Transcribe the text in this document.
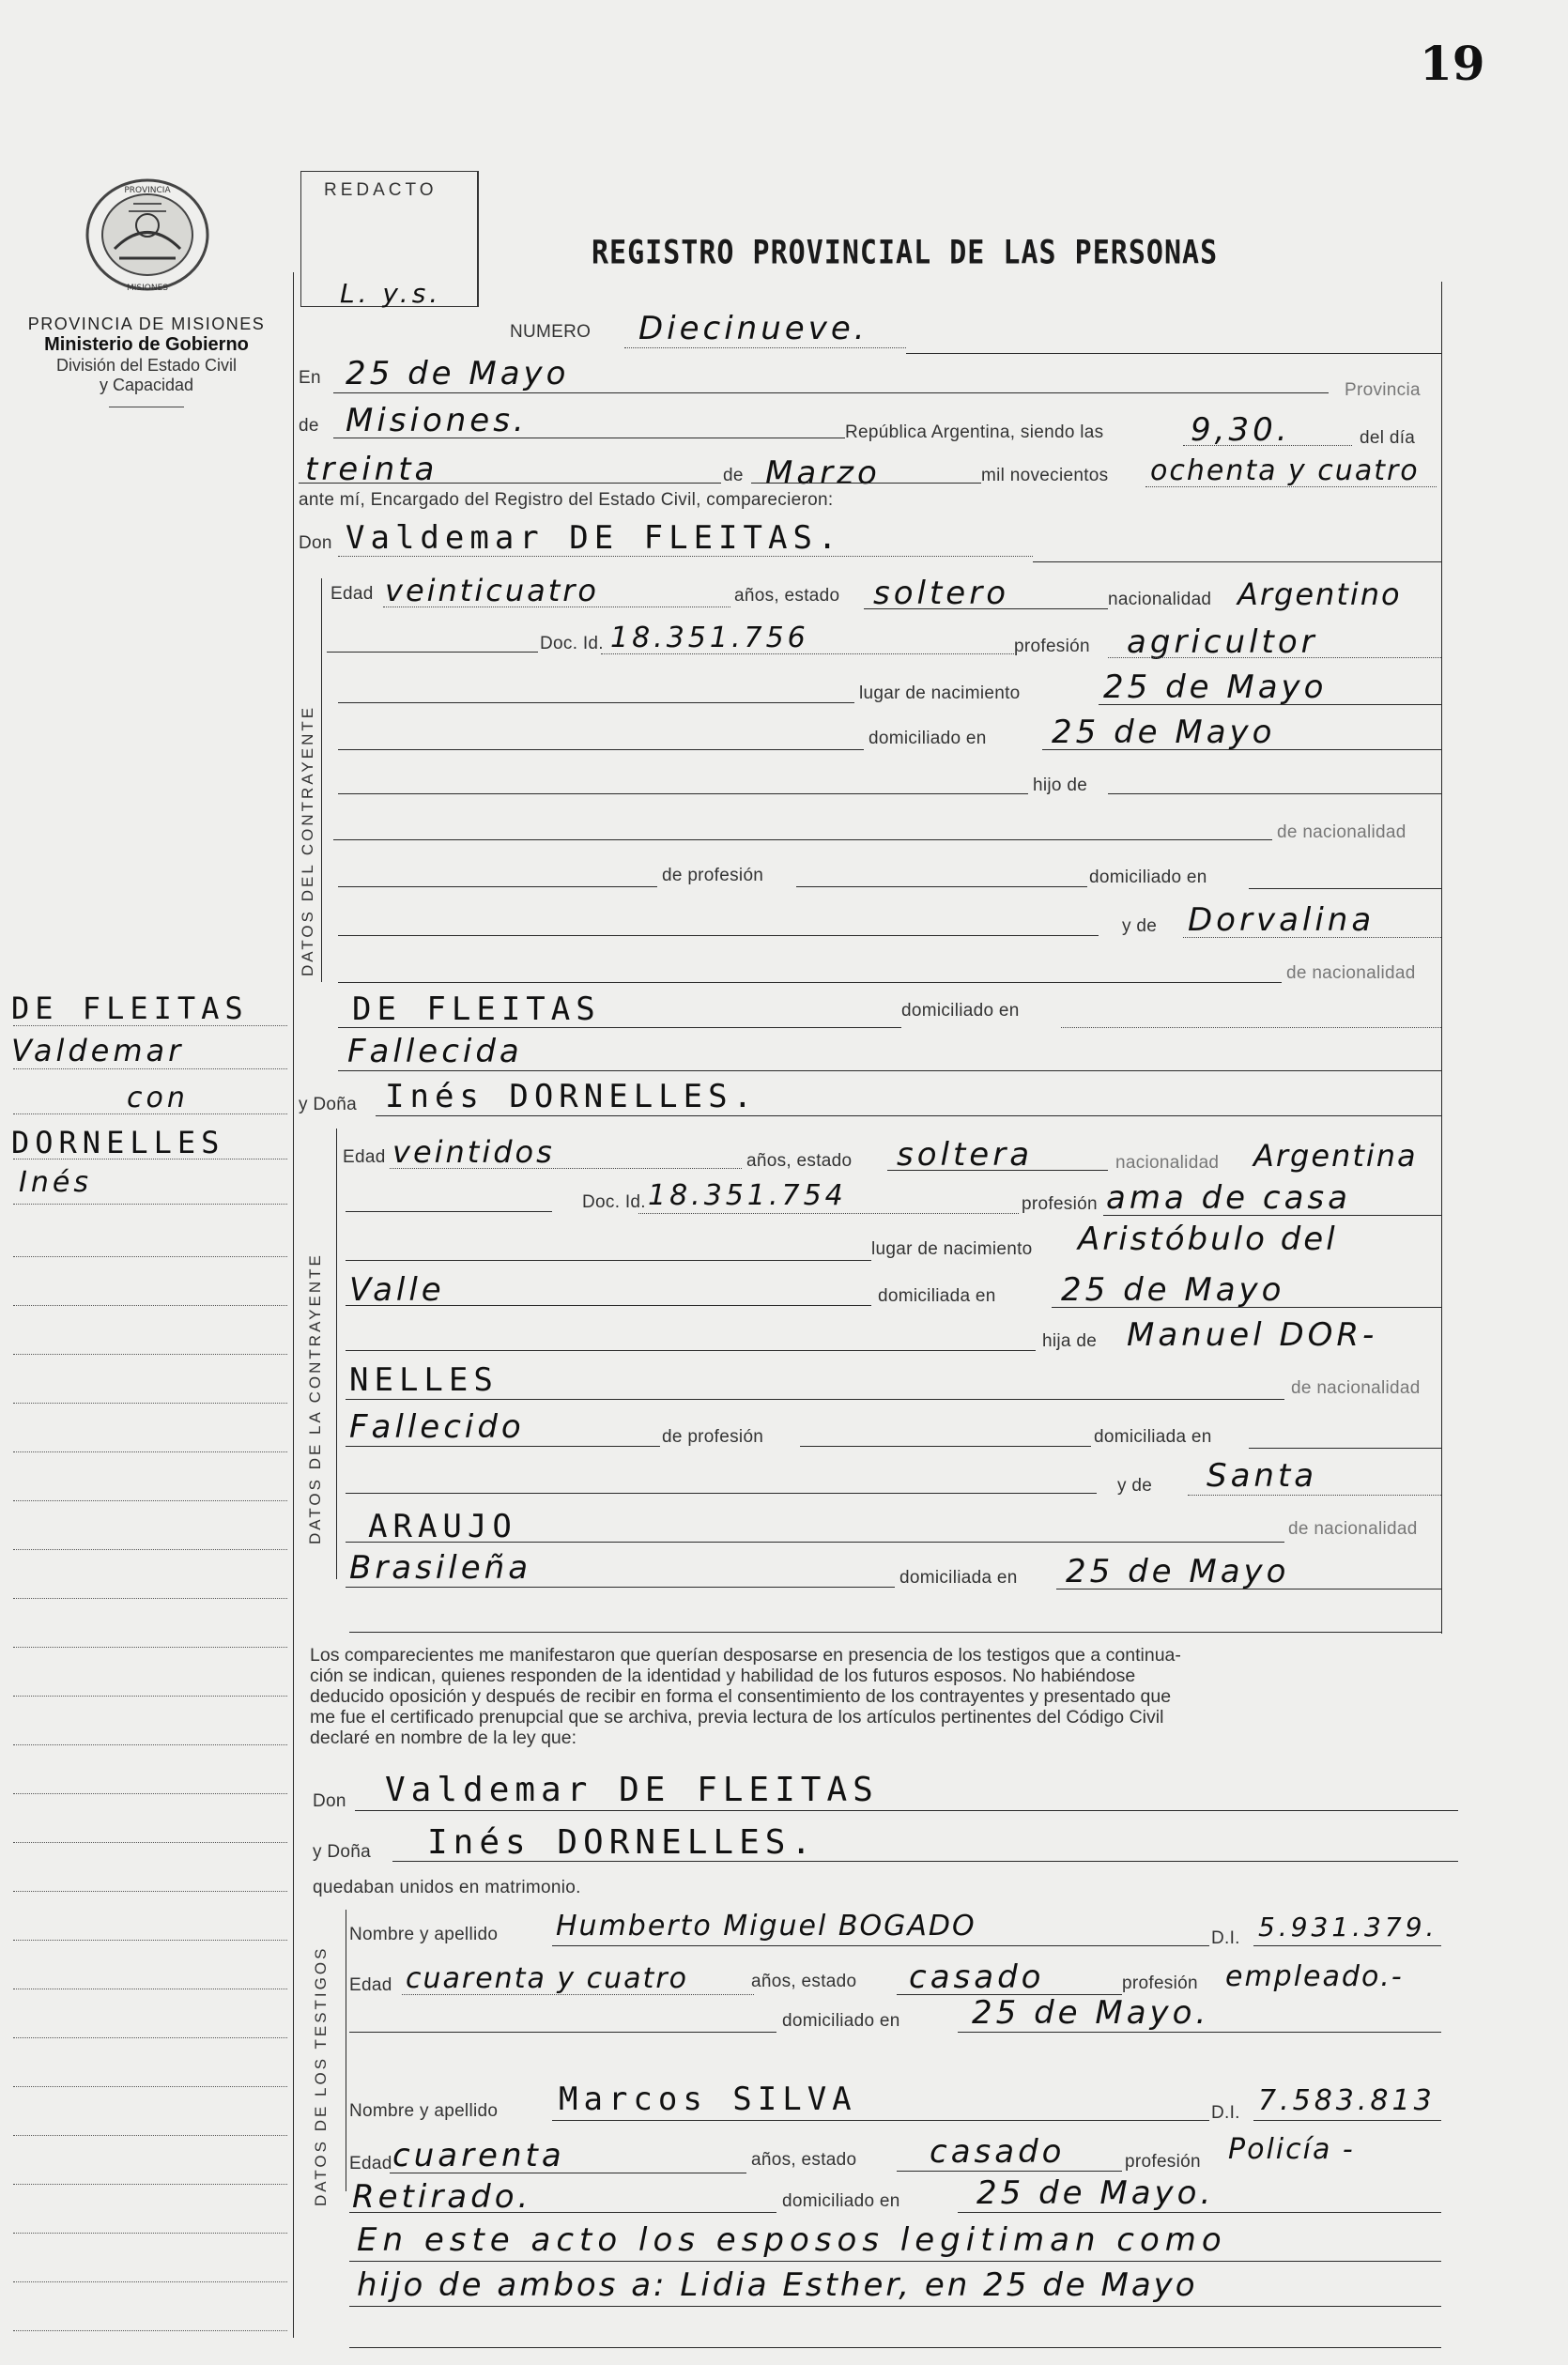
19
PROVINCIA
MISIONES
PROVINCIA DE MISIONES
Ministerio de Gobierno
División del Estado Civil
y Capacidad
REDACTO
L. y.s.
REGISTRO PROVINCIAL DE LAS PERSONAS
NUMERO Diecinueve.
En 25 de Mayo	Provincia
de Misiones.	República Argentina, siendo las	9,30.	del día
treinta	de Marzo	mil novecientos ochenta y cuatro
ante mí, Encargado del Registro del Estado Civil, comparecieron:
Don Valdemar DE FLEITAS.
DATOS DEL CONTRAYENTE
Edad veinticuatro	años, estado soltero	nacionalidad Argentino
Doc. Id. 18.351.756	profesión agricultor
lugar de nacimiento	25 de Mayo
domiciliado en 25 de Mayo
hijo de
de nacionalidad
de profesión	domiciliado en
y de Dorvalina
de nacionalidad
DE FLEITAS	domiciliado en
Fallecida
DE FLEITAS
Valdemar
con
DORNELLES
Inés
y Doña Inés DORNELLES.
DATOS DE LA CONTRAYENTE
Edad veintidos	años, estado soltera	nacionalidad Argentina
Doc. Id. 18.351.754	profesión ama de casa
lugar de nacimiento Aristóbulo del
Valle	domiciliada en 25 de Mayo
hija de Manuel DOR-
NELLES	de nacionalidad
Fallecido	de profesión	domiciliada en
y de Santa
ARAUJO	de nacionalidad
Brasileña	domiciliada en 25 de Mayo
Los comparecientes me manifestaron que querían desposarse en presencia de los testigos que a continua-
ción se indican, quienes responden de la identidad y habilidad de los futuros esposos. No habiéndose
deducido oposición y después de recibir en forma el consentimiento de los contrayentes y presentado que
me fue el certificado prenupcial que se archiva, previa lectura de los artículos pertinentes del Código Civil
declaré en nombre de la ley que:
Don Valdemar DE FLEITAS
y Doña Inés DORNELLES.
quedaban unidos en matrimonio.
DATOS DE LOS TESTIGOS
Nombre y apellido Humberto Miguel BOGADO	D.I. 5.931.379.
Edad cuarenta y cuatro	años, estado casado	profesión empleado.-
domiciliado en 25 de Mayo.
Nombre y apellido Marcos SILVA	D.I. 7.583.813
Edad cuarenta	años, estado casado	profesión Policía -
Retirado.	domiciliado en 25 de Mayo.
En este acto los esposos legitiman como
hijo de ambos a: Lidia Esther, en 25 de Mayo
